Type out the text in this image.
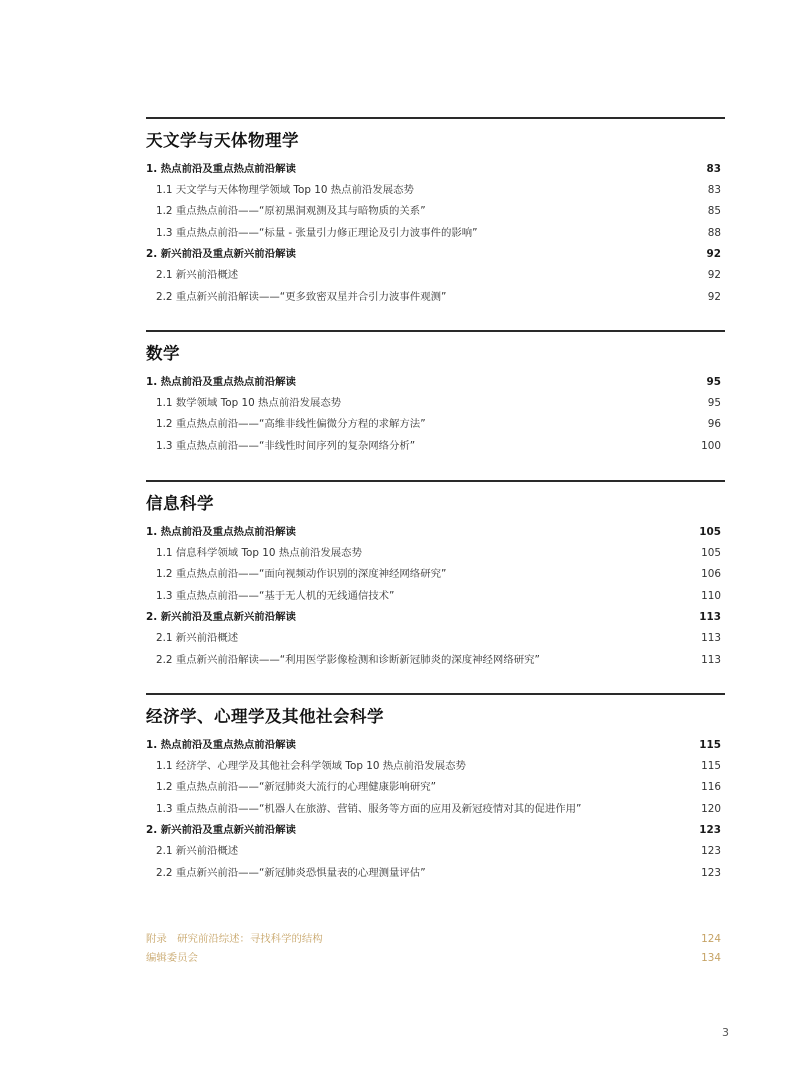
天文学与天体物理学
1. 热点前沿及重点热点前沿解读	83
1.1 天文学与天体物理学领域 Top 10 热点前沿发展态势	83
1.2 重点热点前沿——“原初黑洞观测及其与暗物质的关系”	85
1.3 重点热点前沿——“标量 - 张量引力修正理论及引力波事件的影响”	88
2. 新兴前沿及重点新兴前沿解读	92
2.1 新兴前沿概述	92
2.2 重点新兴前沿解读——“更多致密双星并合引力波事件观测”	92
数学
1. 热点前沿及重点热点前沿解读	95
1.1 数学领域 Top 10 热点前沿发展态势	95
1.2 重点热点前沿——“高维非线性偏微分方程的求解方法”	96
1.3 重点热点前沿——“非线性时间序列的复杂网络分析”	100
信息科学
1. 热点前沿及重点热点前沿解读	105
1.1 信息科学领域 Top 10 热点前沿发展态势	105
1.2 重点热点前沿——“面向视频动作识别的深度神经网络研究”	106
1.3 重点热点前沿——“基于无人机的无线通信技术”	110
2. 新兴前沿及重点新兴前沿解读	113
2.1 新兴前沿概述	113
2.2 重点新兴前沿解读——“利用医学影像检测和诊断新冠肺炎的深度神经网络研究”	113
经济学、心理学及其他社会科学
1. 热点前沿及重点热点前沿解读	115
1.1 经济学、心理学及其他社会科学领域 Top 10 热点前沿发展态势	115
1.2 重点热点前沿——“新冠肺炎大流行的心理健康影响研究”	116
1.3 重点热点前沿——“机器人在旅游、营销、服务等方面的应用及新冠疫情对其的促进作用”	120
2. 新兴前沿及重点新兴前沿解读	123
2.1 新兴前沿概述	123
2.2 重点新兴前沿——“新冠肺炎恐惧量表的心理测量评估”	123
附录　研究前沿综述：寻找科学的结构	124
编辑委员会	134
3
